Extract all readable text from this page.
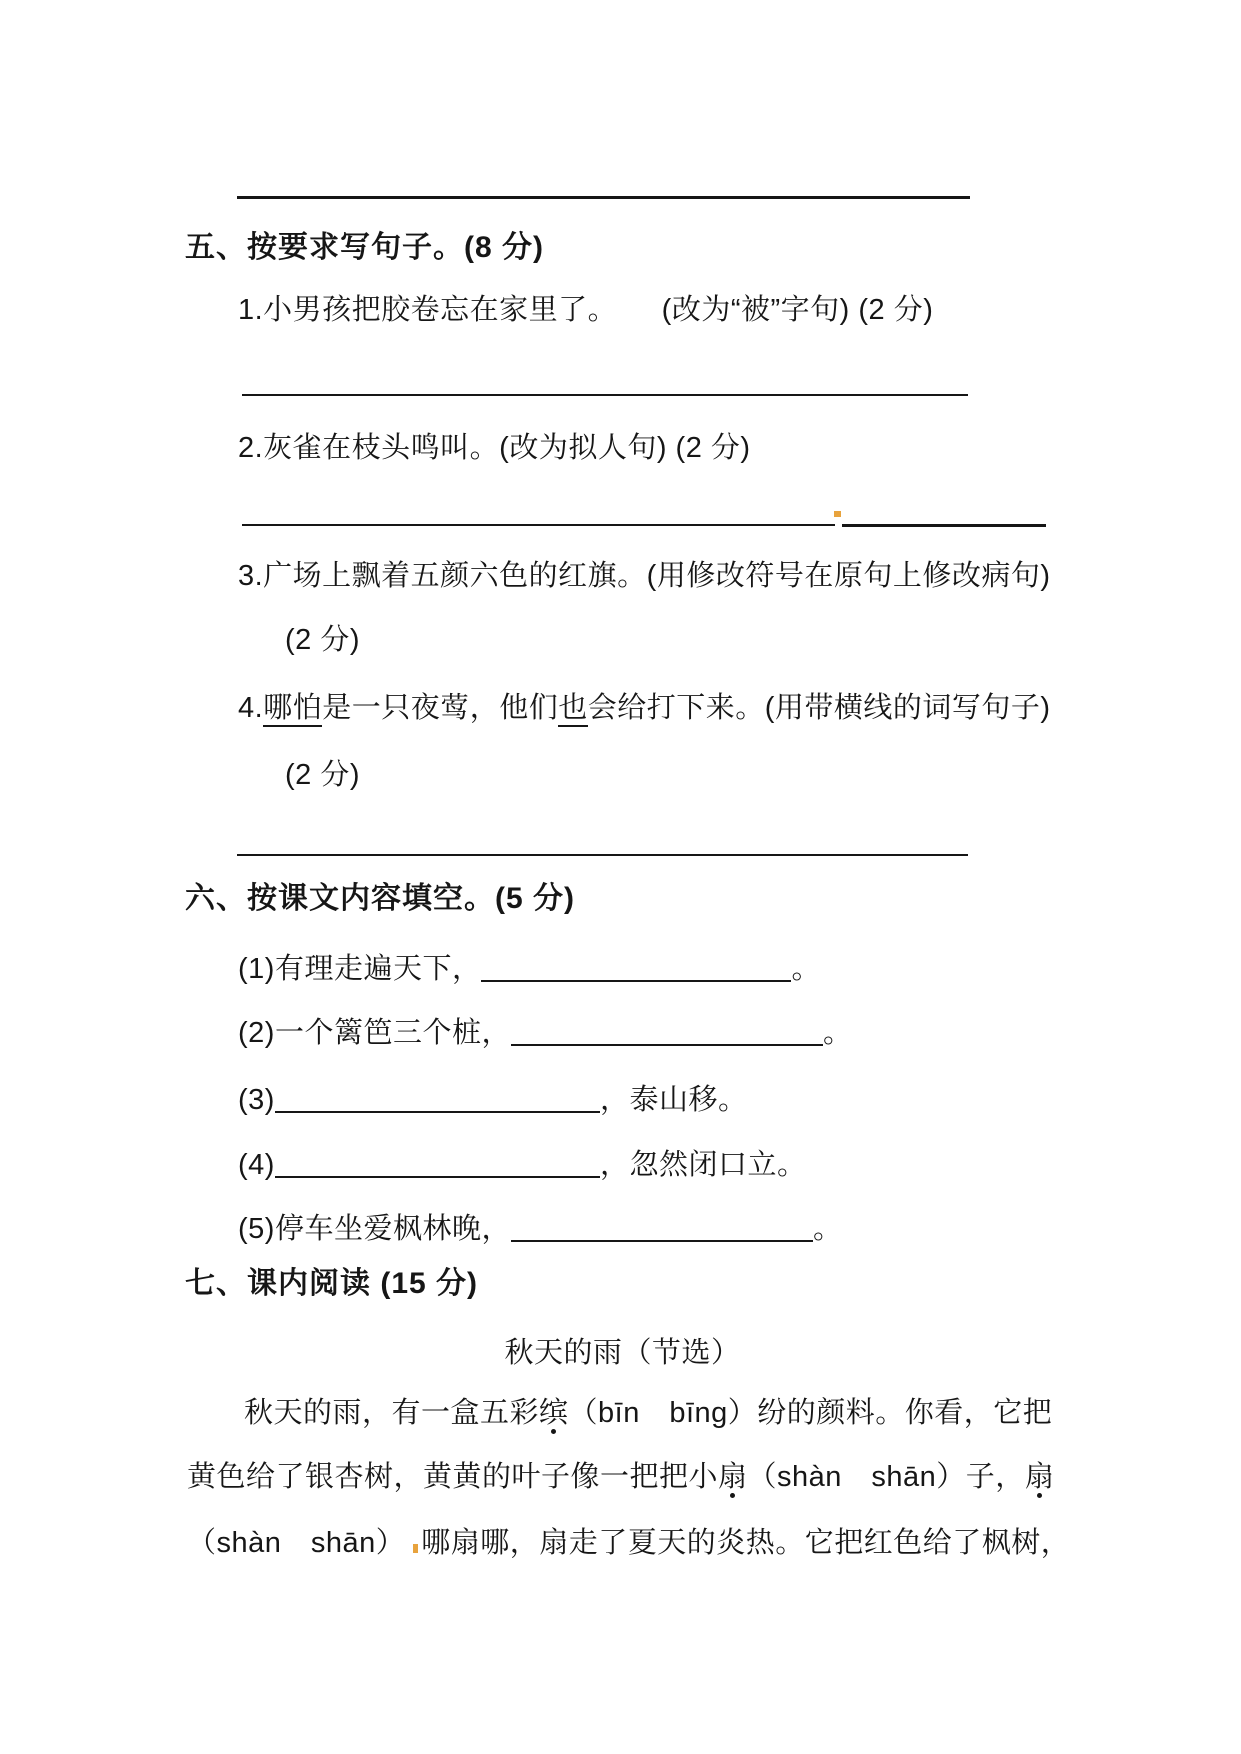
五、按要求写句子。(8 分)
1.小男孩把胶卷忘在家里了。　　(改为“被”字句) (2 分)
2.灰雀在枝头鸣叫。(改为拟人句) (2 分)
3.广场上飘着五颜六色的红旗。(用修改符号在原句上修改病句)
(2 分)
4.哪怕是一只夜莺，他们也会给打下来。(用带横线的词写句子)
(2 分)
六、按课文内容填空。(5 分)
(1)有理走遍天下，	。
(2)一个篱笆三个桩，	。
(3)	，泰山移。
(4)	，忽然闭口立。
(5)停车坐爱枫林晚，	。
七、课内阅读 (15 分)
秋天的雨（节选）
秋天的雨，有一盒五彩缤（bīn　bīng）纷的颜料。你看，它把
黄色给了银杏树，黄黄的叶子像一把把小扇（shàn　shān）子，扇
（shàn　shān） 哪扇哪，扇走了夏天的炎热。它把红色给了枫树，
